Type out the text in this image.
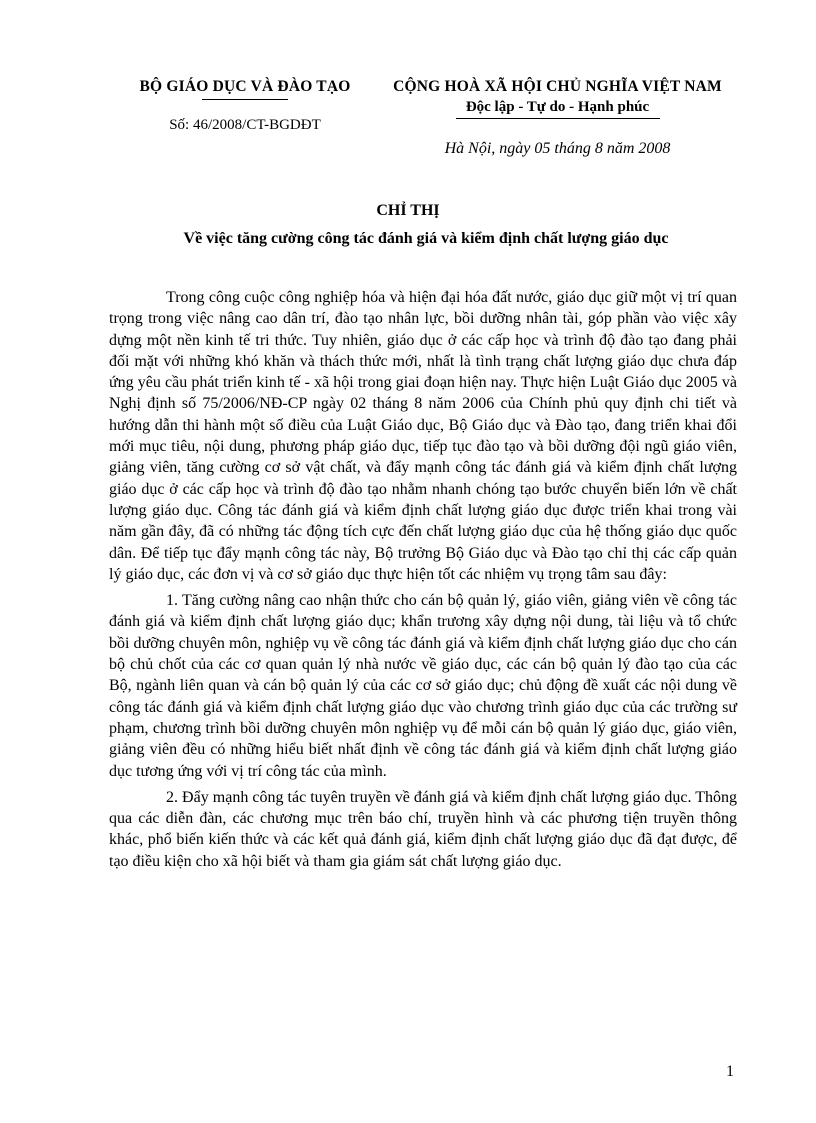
BỘ GIÁO DỤC VÀ ĐÀO TẠO
Số: 46/2008/CT-BGDĐT
CỘNG HOÀ XÃ HỘI CHỦ NGHĨA VIỆT NAM
Độc lập - Tự do - Hạnh phúc
Hà Nội, ngày 05 tháng 8 năm 2008
CHỈ THỊ
Về việc tăng cường công tác đánh giá và kiểm định chất lượng giáo dục

Trong công cuộc công nghiệp hóa và hiện đại hóa đất nước, giáo dục giữ một vị trí quan trọng trong việc nâng cao dân trí, đào tạo nhân lực, bồi dưỡng nhân tài, góp phần vào việc xây dựng một nền kinh tế tri thức. Tuy nhiên, giáo dục ở các cấp học và trình độ đào tạo đang phải đối mặt với những khó khăn và thách thức mới, nhất là tình trạng chất lượng giáo dục chưa đáp ứng yêu cầu phát triển kinh tế - xã hội trong giai đoạn hiện nay. Thực hiện Luật Giáo dục 2005 và Nghị định số 75/2006/NĐ-CP ngày 02 tháng 8 năm 2006 của Chính phủ quy định chi tiết và hướng dẫn thi hành một số điều của Luật Giáo dục, Bộ Giáo dục và Đào tạo, đang triển khai đổi mới mục tiêu, nội dung, phương pháp giáo dục, tiếp tục đào tạo và bồi dưỡng đội ngũ giáo viên, giảng viên, tăng cường cơ sở vật chất, và đẩy mạnh công tác đánh giá và kiểm định chất lượng giáo dục ở các cấp học và trình độ đào tạo nhằm nhanh chóng tạo bước chuyển biến lớn về chất lượng giáo dục. Công tác đánh giá và kiểm định chất lượng giáo dục được triển khai trong vài năm gần đây, đã có những tác động tích cực đến chất lượng giáo dục của hệ thống giáo dục quốc dân. Để tiếp tục đẩy mạnh công tác này, Bộ trưởng Bộ Giáo dục và Đào tạo chỉ thị các cấp quản lý giáo dục, các đơn vị và cơ sở giáo dục thực hiện tốt các nhiệm vụ trọng tâm sau đây:

1. Tăng cường nâng cao nhận thức cho cán bộ quản lý, giáo viên, giảng viên về công tác đánh giá và kiểm định chất lượng giáo dục; khẩn trương xây dựng nội dung, tài liệu và tổ chức bồi dưỡng chuyên môn, nghiệp vụ về công tác đánh giá và kiểm định chất lượng giáo dục cho cán bộ chủ chốt của các cơ quan quản lý nhà nước về giáo dục, các cán bộ quản lý đào tạo của các Bộ, ngành liên quan và cán bộ quản lý của các cơ sở giáo dục; chủ động đề xuất các nội dung về công tác đánh giá và kiểm định chất lượng giáo dục vào chương trình giáo dục của các trường sư phạm, chương trình bồi dưỡng chuyên môn nghiệp vụ để mỗi cán bộ quản lý giáo dục, giáo viên, giảng viên đều có những hiểu biết nhất định về công tác đánh giá và kiểm định chất lượng giáo dục tương ứng với vị trí công tác của mình.

2. Đẩy mạnh công tác tuyên truyền về đánh giá và kiểm định chất lượng giáo dục. Thông qua các diễn đàn, các chương mục trên báo chí, truyền hình và các phương tiện truyền thông khác, phổ biến kiến thức và các kết quả đánh giá, kiểm định chất lượng giáo dục đã đạt được, để tạo điều kiện cho xã hội biết và tham gia giám sát chất lượng giáo dục.

1
